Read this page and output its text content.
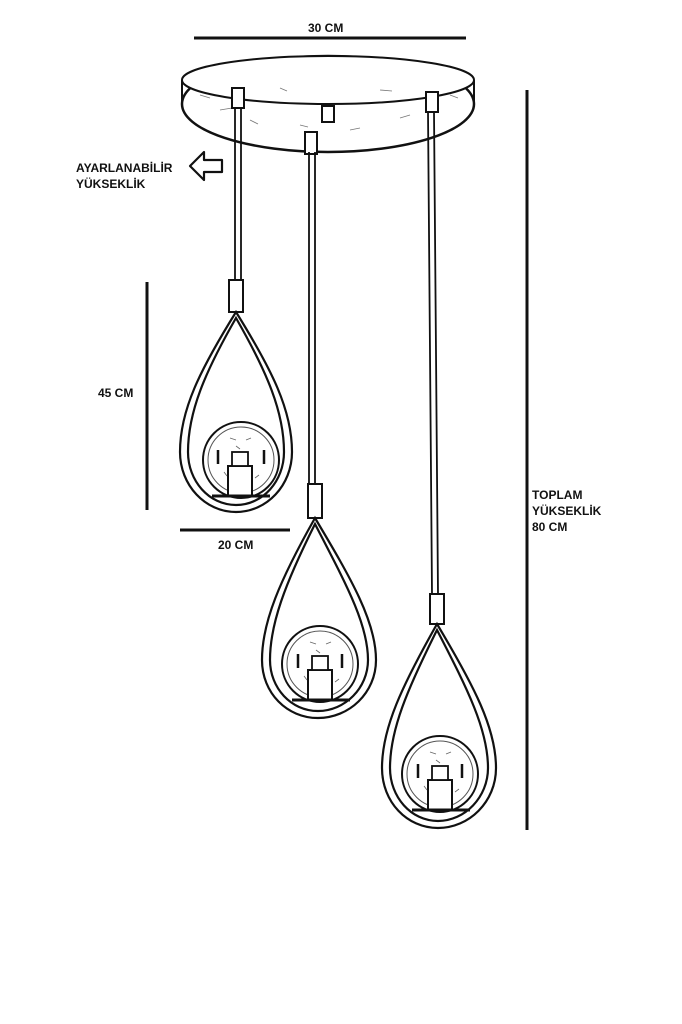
30 CM
AYARLANABİLİR
YÜKSEKLİK
45 CM
20 CM
TOPLAM
YÜKSEKLİK
80 CM
